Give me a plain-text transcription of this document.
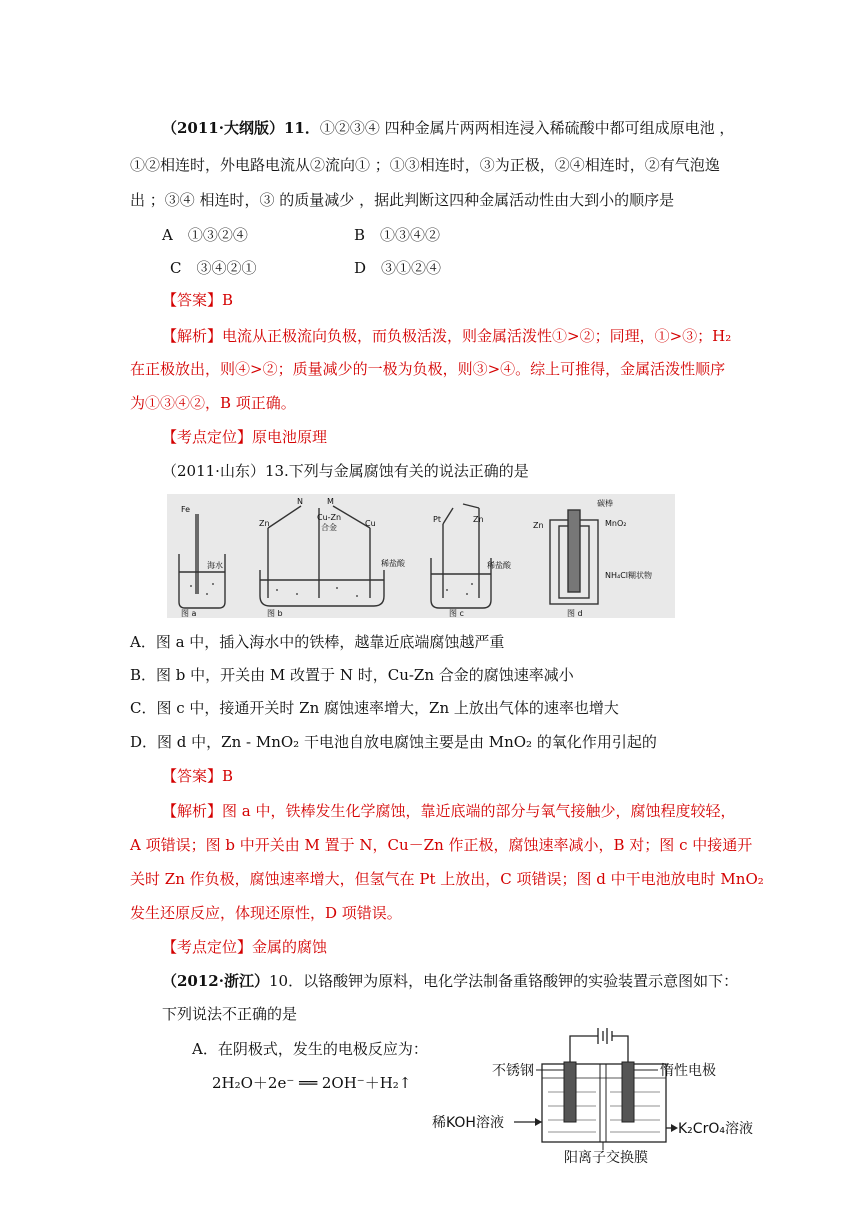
（2011·大纲版）11．①②③④ 四种金属片两两相连浸入稀硫酸中都可组成原电池 ，
①②相连时，外电路电流从②流向① ；①③相连时，③为正极，②④相连时，②有气泡逸
出 ；③④ 相连时，③ 的质量减少 ，据此判断这四种金属活动性由大到小的顺序是
A　①③②④	B　①③④②
C　③④②①	D　③①②④
【答案】B
【解析】电流从正极流向负极，而负极活泼，则金属活泼性①>②；同理，①>③；H₂
在正极放出，则④>②；质量减少的一极为负极，则③>④。综上可推得，金属活泼性顺序
为①③④②，B 项正确。
【考点定位】原电池原理
（2011·山东）13.下列与金属腐蚀有关的说法正确的是
Fe
海水
图 a
N	M
Zn
Cu-Zn
合金	Cu
稀盐酸
图 b
Pt	Zn
稀盐酸
图 c
碳棒
Zn	MnO₂
NH₄Cl糊状物
图 d
A．图 a 中，插入海水中的铁棒，越靠近底端腐蚀越严重
B．图 b 中，开关由 M 改置于 N 时，Cu-Zn 合金的腐蚀速率减小
C．图 c 中，接通开关时 Zn 腐蚀速率增大，Zn 上放出气体的速率也增大
D．图 d 中，Zn - MnO₂ 干电池自放电腐蚀主要是由 MnO₂ 的氧化作用引起的
【答案】B
【解析】图 a 中，铁棒发生化学腐蚀，靠近底端的部分与氧气接触少，腐蚀程度较轻，
A 项错误；图 b 中开关由 M 置于 N，Cu－Zn 作正极，腐蚀速率减小，B 对；图 c 中接通开
关时 Zn 作负极，腐蚀速率增大，但氢气在 Pt 上放出，C 项错误；图 d 中干电池放电时 MnO₂
发生还原反应，体现还原性，D 项错误。
【考点定位】金属的腐蚀
（2012·浙江）10．以铬酸钾为原料，电化学法制备重铬酸钾的实验装置示意图如下：
下列说法不正确的是
A．在阴极式，发生的电极反应为：
2H₂O＋2e⁻ ══ 2OH⁻＋H₂↑
不锈钢	惰性电极
稀KOH溶液	K₂CrO₄溶液
阳离子交换膜
